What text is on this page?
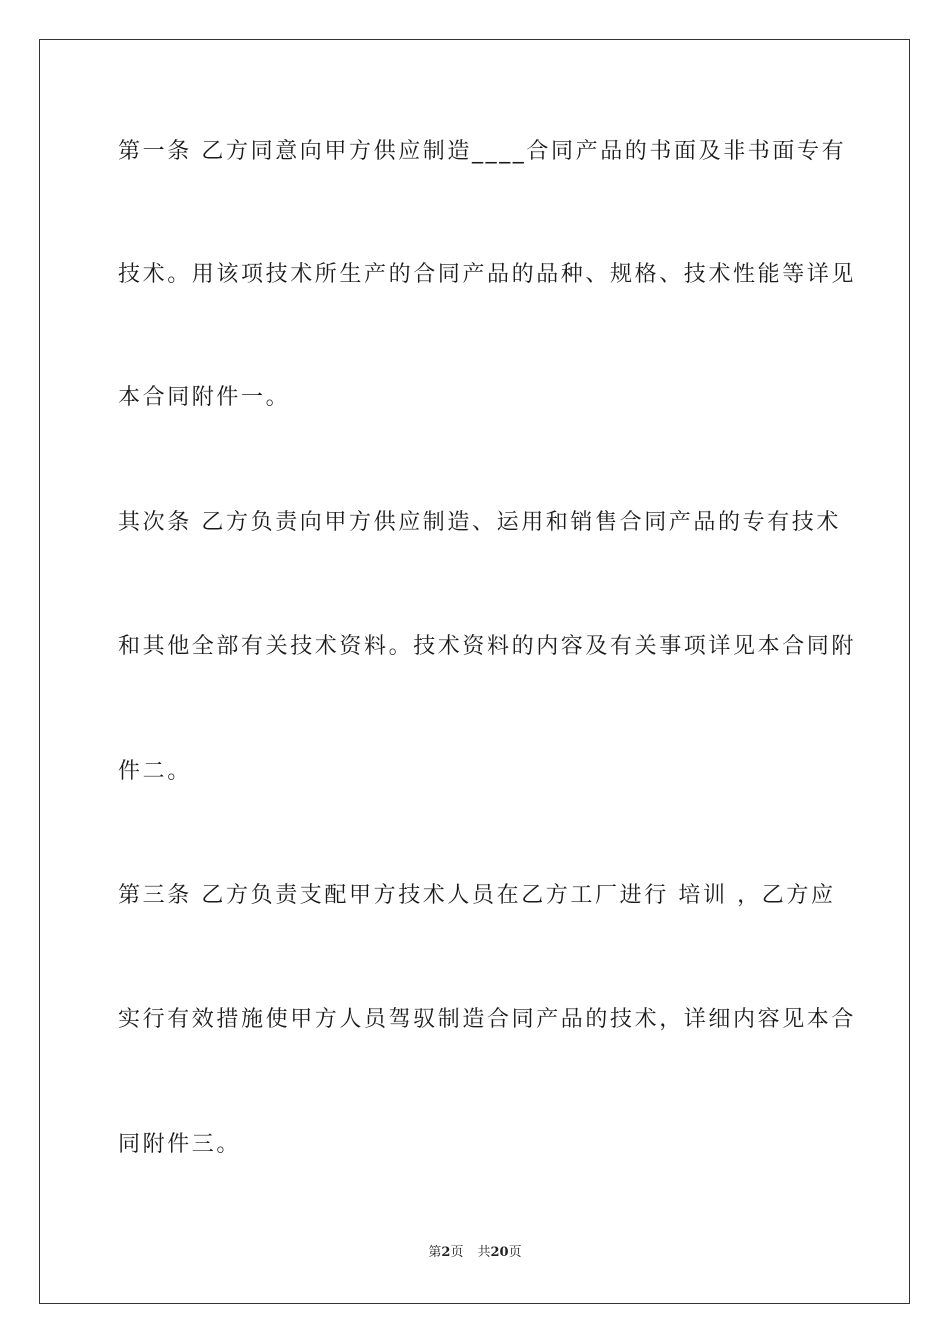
第一条 乙方同意向甲方供应制造____合同产品的书面及非书面专有
技术。用该项技术所生产的合同产品的品种、规格、技术性能等详见
本合同附件一。
其次条 乙方负责向甲方供应制造、运用和销售合同产品的专有技术
和其他全部有关技术资料。技术资料的内容及有关事项详见本合同附
件二。
第三条 乙方负责支配甲方技术人员在乙方工厂进行 培训 ，乙方应
实行有效措施使甲方人员驾驭制造合同产品的技术，详细内容见本合
同附件三。
第2页 共20页
